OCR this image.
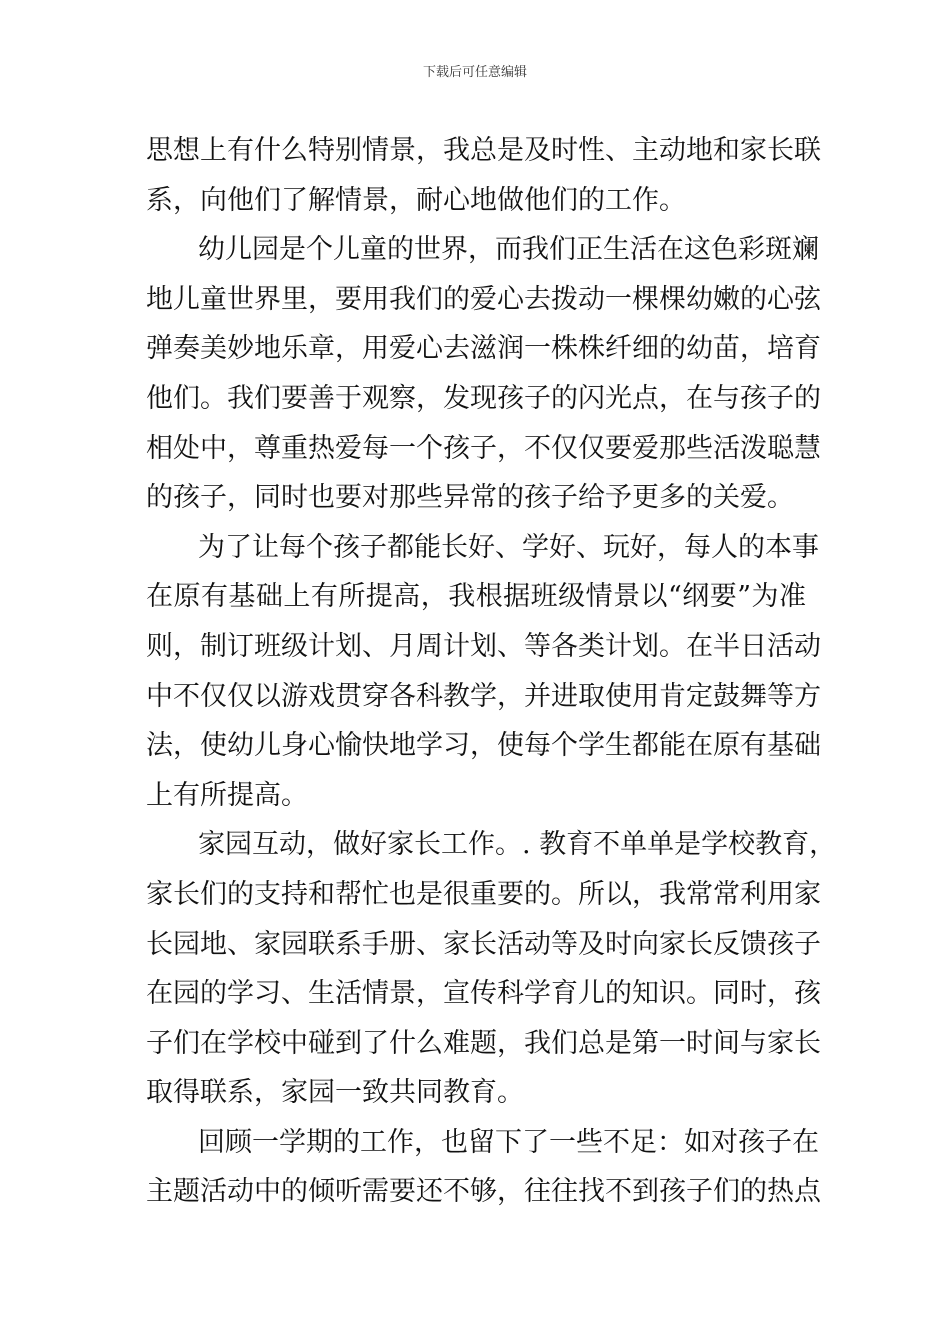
下载后可任意编辑
思想上有什么特别情景，我总是及时性、主动地和家长联
系，向他们了解情景，耐心地做他们的工作。
幼儿园是个儿童的世界，而我们正生活在这色彩斑斓
地儿童世界里，要用我们的爱心去拨动一棵棵幼嫩的心弦
弹奏美妙地乐章，用爱心去滋润一株株纤细的幼苗，培育
他们。我们要善于观察，发现孩子的闪光点，在与孩子的
相处中，尊重热爱每一个孩子，不仅仅要爱那些活泼聪慧
的孩子，同时也要对那些异常的孩子给予更多的关爱。
为了让每个孩子都能长好、学好、玩好，每人的本事
在原有基础上有所提高，我根据班级情景以“纲要”为准
则，制订班级计划、月周计划、等各类计划。在半日活动
中不仅仅以游戏贯穿各科教学，并进取使用肯定鼓舞等方
法，使幼儿身心愉快地学习，使每个学生都能在原有基础
上有所提高。
家园互动，做好家长工作。. 教育不单单是学校教育，
家长们的支持和帮忙也是很重要的。所以，我常常利用家
长园地、家园联系手册、家长活动等及时向家长反馈孩子
在园的学习、生活情景，宣传科学育儿的知识。同时，孩
子们在学校中碰到了什么难题，我们总是第一时间与家长
取得联系，家园一致共同教育。
回顾一学期的工作，也留下了一些不足：如对孩子在
主题活动中的倾听需要还不够，往往找不到孩子们的热点
